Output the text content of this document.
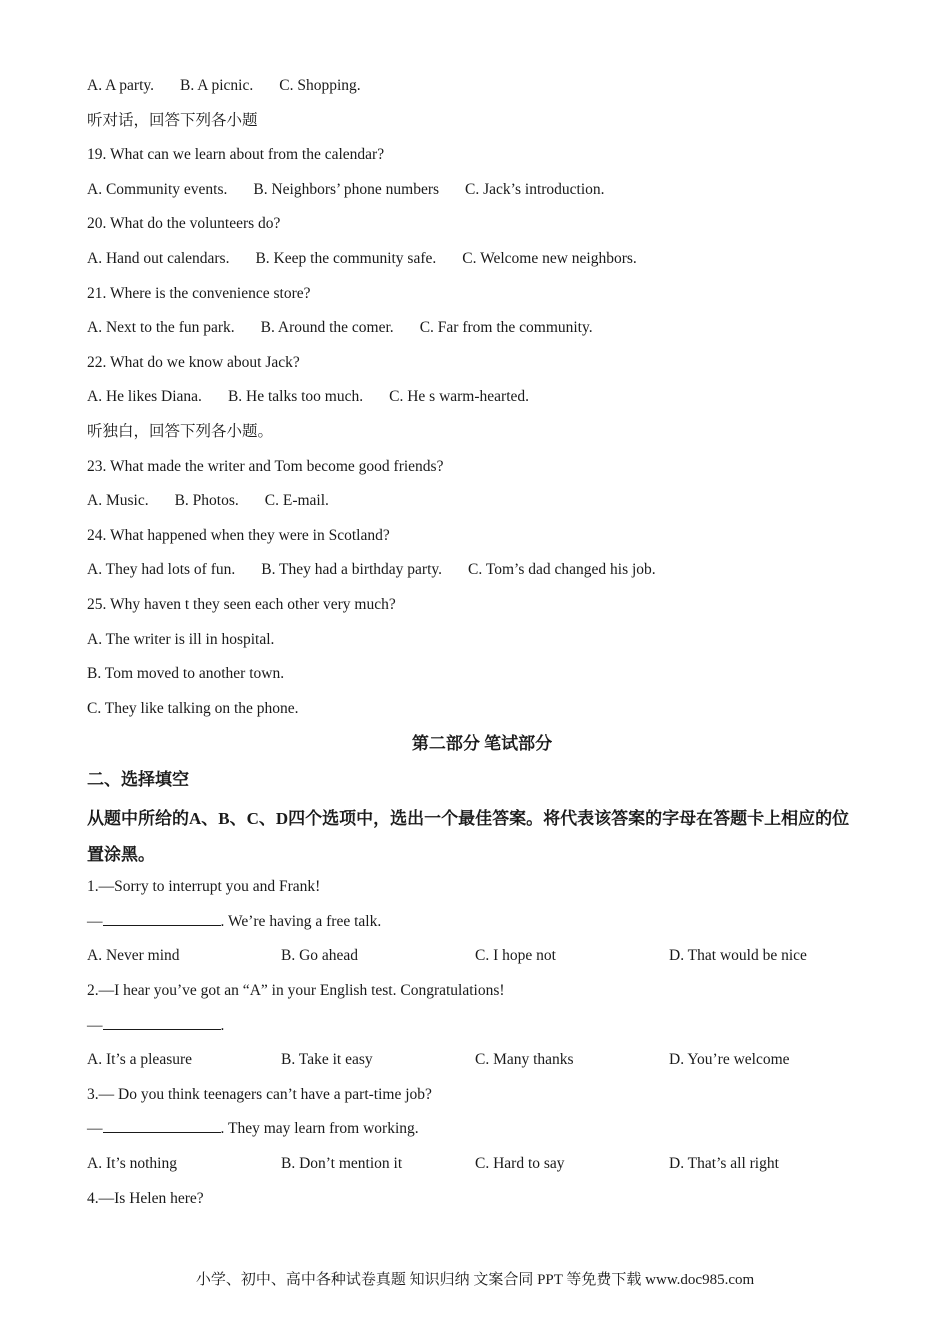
A. A party. B. A picnic. C. Shopping.
听对话，回答下列各小题
19. What can we learn about from the calendar?
A. Community events. B. Neighbors’ phone numbers C. Jack’s introduction.
20. What do the volunteers do?
A. Hand out calendars. B. Keep the community safe. C. Welcome new neighbors.
21. Where is the convenience store?
A. Next to the fun park. B. Around the comer. C. Far from the community.
22. What do we know about Jack?
A. He likes Diana. B. He talks too much. C. He s warm-hearted.
听独白，回答下列各小题。
23. What made the writer and Tom become good friends?
A. Music. B. Photos. C. E-mail.
24. What happened when they were in Scotland?
A. They had lots of fun. B. They had a birthday party. C. Tom’s dad changed his job.
25. Why haven t they seen each other very much?
A. The writer is ill in hospital.
B. Tom moved to another town.
C. They like talking on the phone.
第二部分 笔试部分
二、选择填空
从题中所给的A、B、C、D四个选项中，选出一个最佳答案。将代表该答案的字母在答题卡上相应的位置涂黑。
1.—Sorry to interrupt you and Frank!
—	. We’re having a free talk.
A. Never mind	B. Go ahead	C. I hope not	D. That would be nice
2.—I hear you’ve got an “A” in your English test. Congratulations!
—	.
A. It’s a pleasure	B. Take it easy	C. Many thanks	D. You’re welcome
3.— Do you think teenagers can’t have a part-time job?
—	. They may learn from working.
A. It’s nothing	B. Don’t mention it	C. Hard to say	D. That’s all right
4.—Is Helen here?
小学、初中、高中各种试卷真题 知识归纳 文案合同 PPT 等免费下载 www.doc985.com
